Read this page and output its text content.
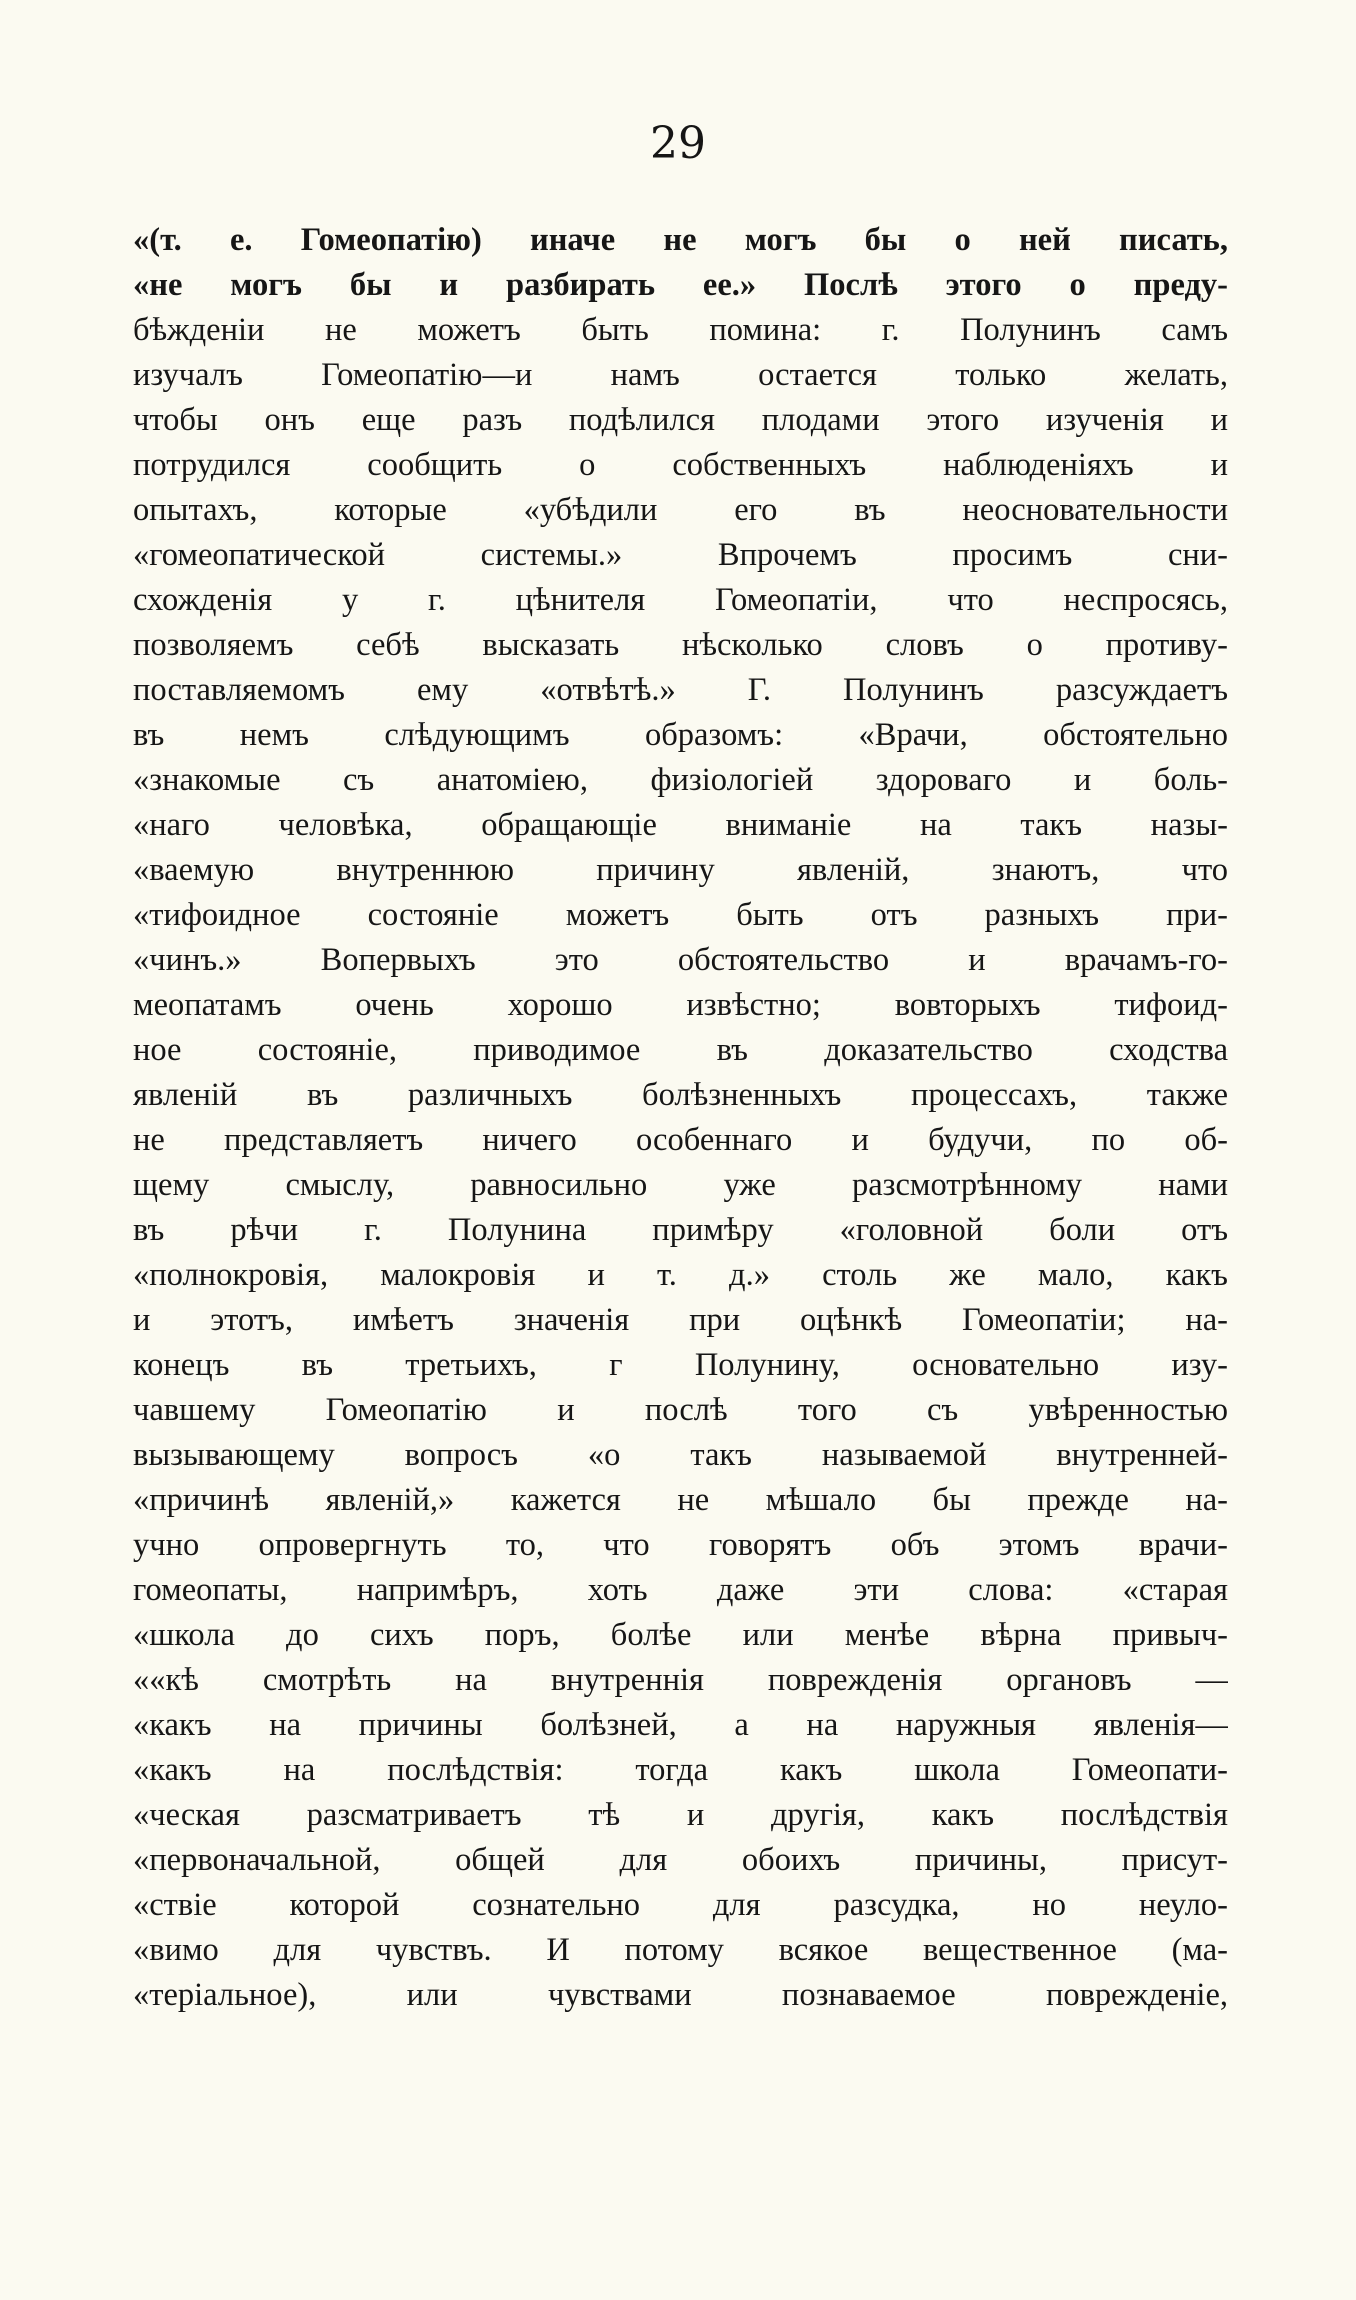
29
«(т. е. Гомеопатію) иначе не могъ бы о ней писать,
«не могъ бы и разбирать ее.» Послѣ этого о преду-
бѣжденіи не можетъ быть помина: г. Полунинъ самъ
изучалъ Гомеопатію—и намъ остается только желать,
чтобы онъ еще разъ подѣлился плодами этого изученія и
потрудился сообщить о собственныхъ наблюденіяхъ и
опытахъ, которые «убѣдили его въ неосновательности
«гомеопатической системы.» Впрочемъ просимъ сни-
схожденія у г. цѣнителя Гомеопатіи, что неспросясь,
позволяемъ себѣ высказать нѣсколько словъ о противу-
поставляемомъ ему «отвѣтѣ.» Г. Полунинъ разсуждаетъ
въ немъ слѣдующимъ образомъ: «Врачи, обстоятельно
«знакомые съ анатоміею, физіологіей здороваго и боль-
«наго человѣка, обращающіе вниманіе на такъ назы-
«ваемую внутреннюю причину явленій, знаютъ, что
«тифоидное состояніе можетъ быть отъ разныхъ при-
«чинъ.» Вопервыхъ это обстоятельство и врачамъ-го-
меопатамъ очень хорошо извѣстно; вовторыхъ тифоид-
ное состояніе, приводимое въ доказательство сходства
явленій въ различныхъ болѣзненныхъ процессахъ, также
не представляетъ ничего особеннаго и будучи, по об-
щему смыслу, равносильно уже разсмотрѣнному нами
въ рѣчи г. Полунина примѣру «головной боли отъ
«полнокровія, малокровія и т. д.» столь же мало, какъ
и этотъ, имѣетъ значенія при оцѣнкѣ Гомеопатіи; на-
конецъ въ третьихъ, г Полунину, основательно изу-
чавшему Гомеопатію и послѣ того съ увѣренностью
вызывающему вопросъ «о такъ называемой внутренней-
«причинѣ явленій,» кажется не мѣшало бы прежде на-
учно опровергнуть то, что говорятъ объ этомъ врачи-
гомеопаты, напримѣръ, хоть даже эти слова: «старая
«школа до сихъ поръ, болѣе или менѣе вѣрна привыч-
««кѣ смотрѣть на внутреннія поврежденія органовъ —
«какъ на причины болѣзней, а на наружныя явленія—
«какъ на послѣдствія: тогда какъ школа Гомеопати-
«ческая разсматриваетъ тѣ и другія, какъ послѣдствія
«первоначальной, общей для обоихъ причины, присут-
«ствіе которой сознательно для разсудка, но неуло-
«вимо для чувствъ. И потому всякое вещественное (ма-
«теріальное), или чувствами познаваемое поврежденіе,
